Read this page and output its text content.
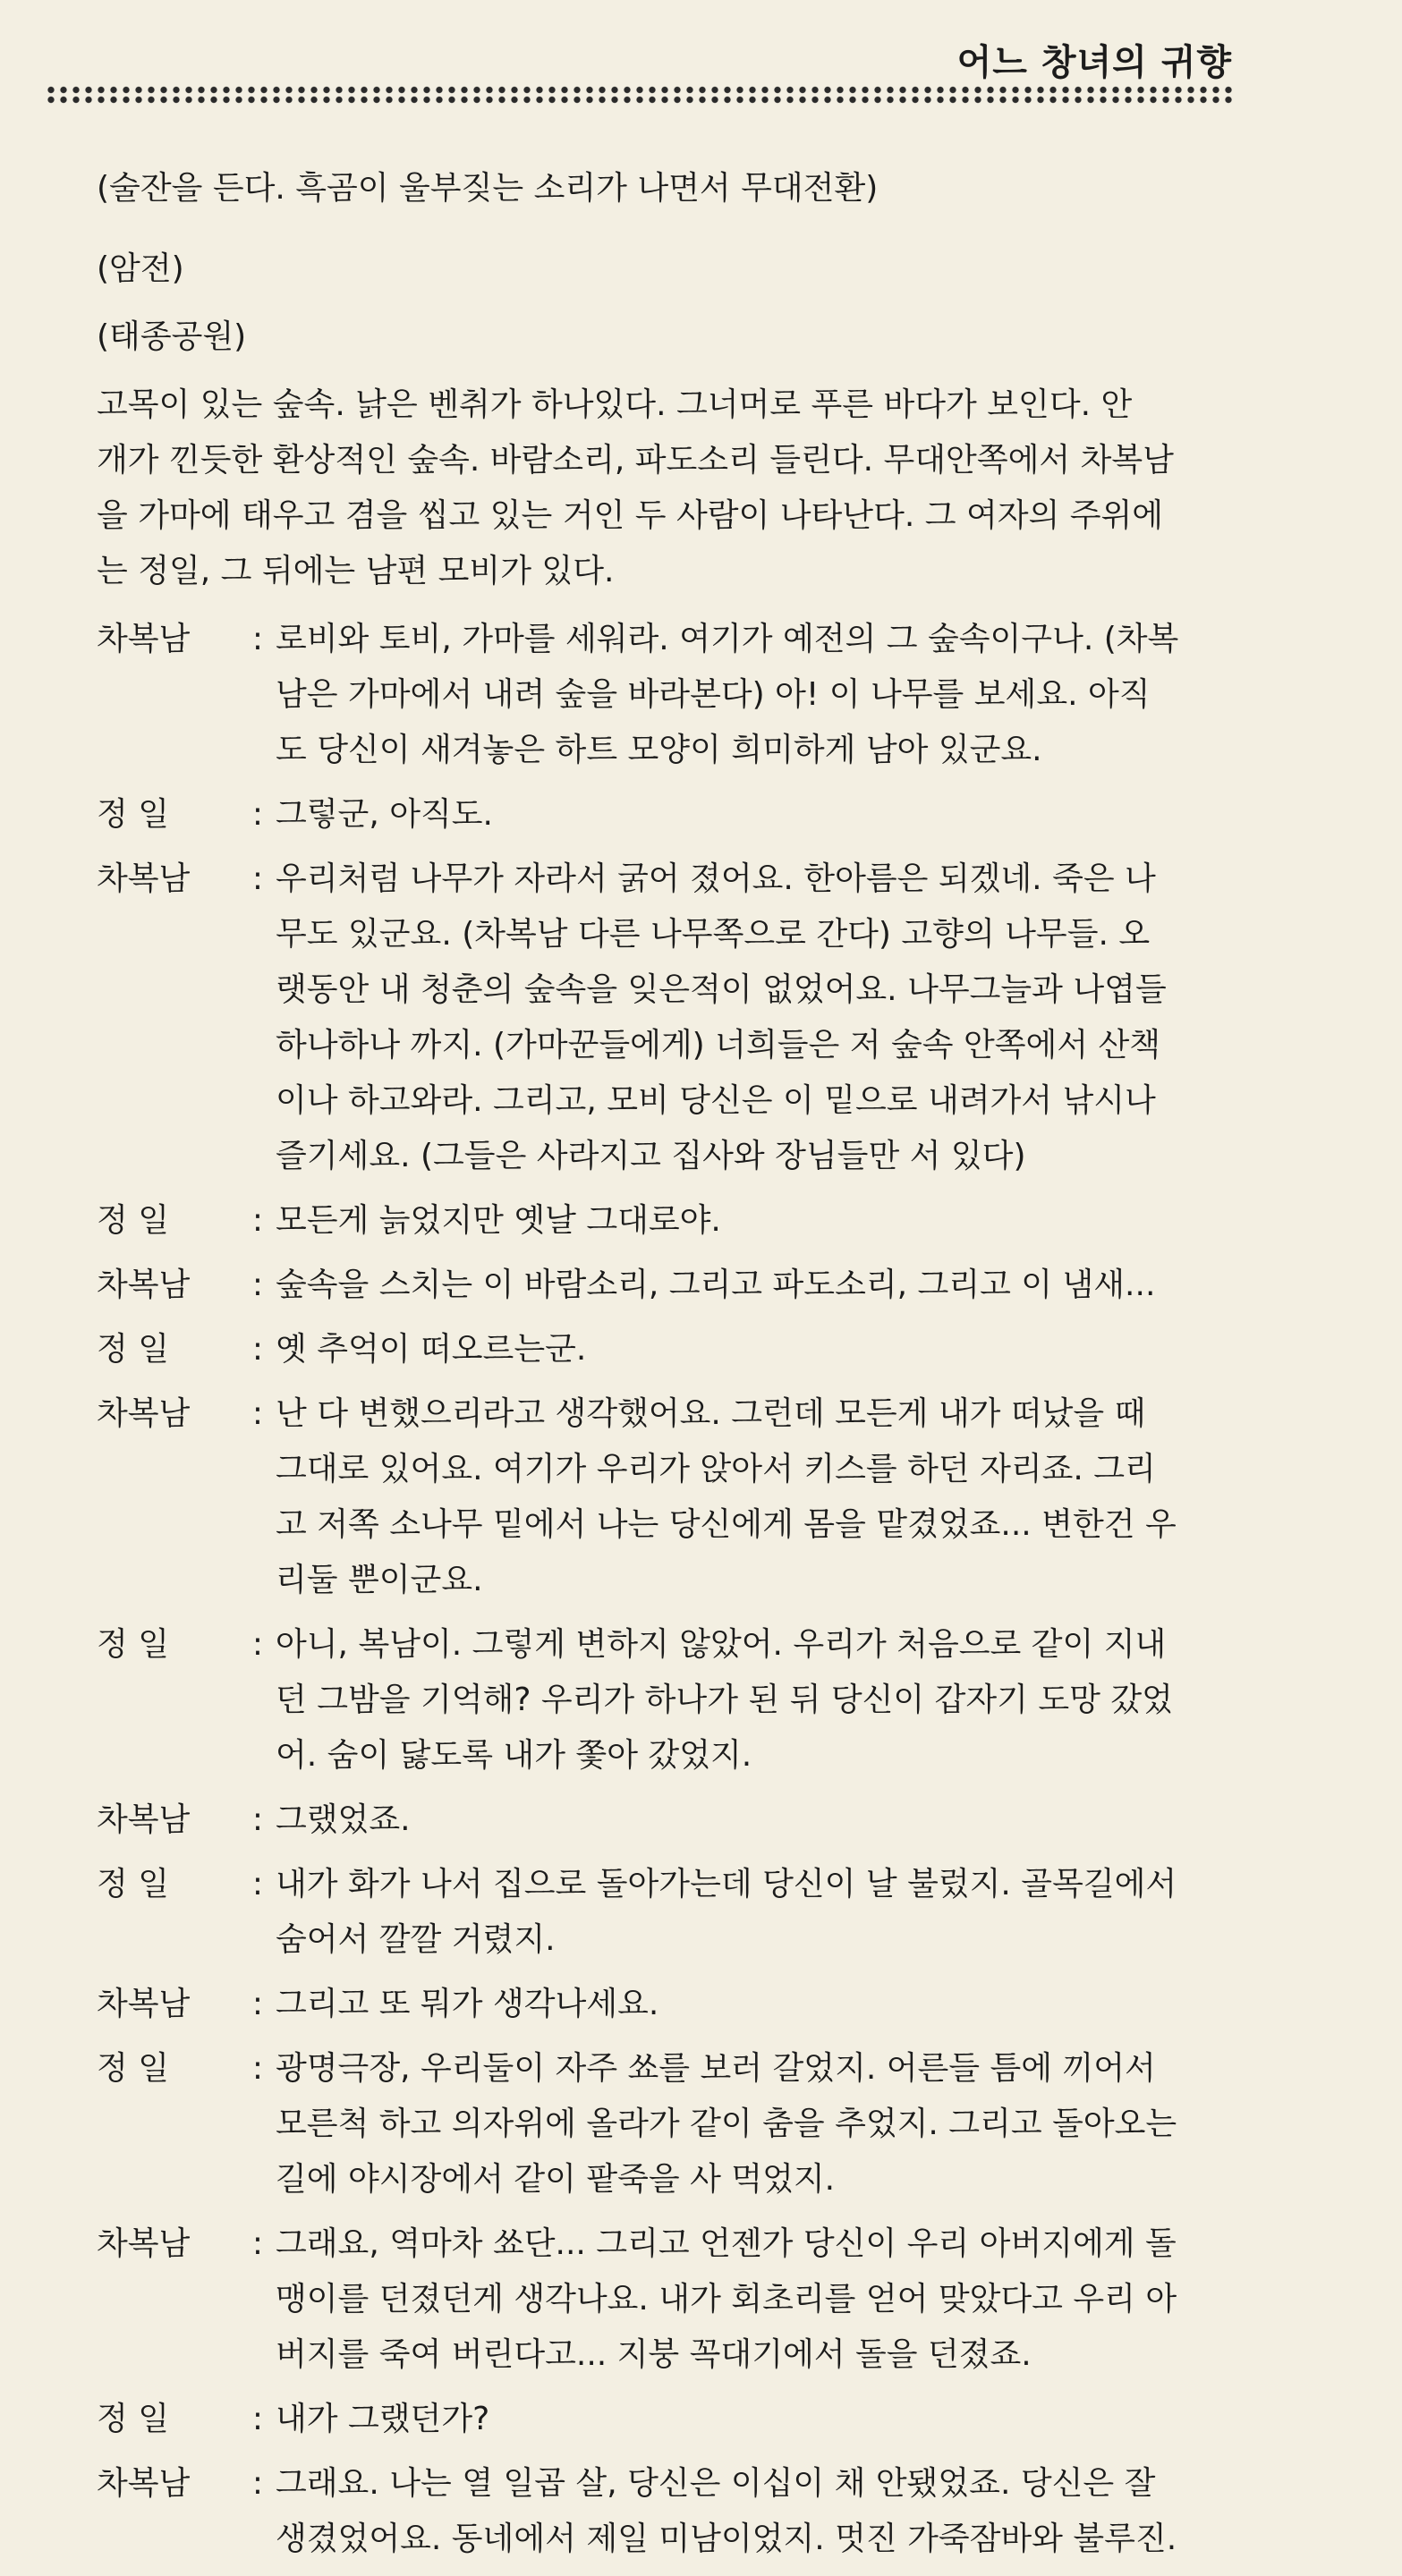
어느 창녀의 귀향

(술잔을 든다. 흑곰이 울부짖는 소리가 나면서 무대전환)

(암전)

(태종공원)

고목이 있는 숲속. 낡은 벤취가 하나있다. 그너머로 푸른 바다가 보인다. 안
개가 낀듯한 환상적인 숲속. 바람소리, 파도소리 들린다. 무대안쪽에서 차복남
을 가마에 태우고 겸을 씹고 있는 거인 두 사람이 나타난다. 그 여자의 주위에
는 정일, 그 뒤에는 남편 모비가 있다.
차복남	: 로비와 토비, 가마를 세워라. 여기가 예전의 그 숲속이구나. (차복
남은 가마에서 내려 숲을 바라본다) 아! 이 나무를 보세요. 아직
도 당신이 새겨놓은 하트 모양이 희미하게 남아 있군요.
정 일	: 그렇군, 아직도.
차복남	: 우리처럼 나무가 자라서 굵어 졌어요. 한아름은 되겠네. 죽은 나
무도 있군요. (차복남 다른 나무쪽으로 간다) 고향의 나무들. 오
랫동안 내 청춘의 숲속을 잊은적이 없었어요. 나무그늘과 나엽들
하나하나 까지. (가마꾼들에게) 너희들은 저 숲속 안쪽에서 산책
이나 하고와라. 그리고, 모비 당신은 이 밑으로 내려가서 낚시나
즐기세요. (그들은 사라지고 집사와 장님들만 서 있다)
정 일	: 모든게 늙었지만 옛날 그대로야.
차복남	: 숲속을 스치는 이 바람소리, 그리고 파도소리, 그리고 이 냄새...
정 일	: 옛 추억이 떠오르는군.
차복남	: 난 다 변했으리라고 생각했어요. 그런데 모든게 내가 떠났을 때
그대로 있어요. 여기가 우리가 앉아서 키스를 하던 자리죠. 그리
고 저쪽 소나무 밑에서 나는 당신에게 몸을 맡겼었죠... 변한건 우
리둘 뿐이군요.
정 일	: 아니, 복남이. 그렇게 변하지 않았어. 우리가 처음으로 같이 지내
던 그밤을 기억해? 우리가 하나가 된 뒤 당신이 갑자기 도망 갔었
어. 숨이 닳도록 내가 쫓아 갔었지.
차복남	: 그랬었죠.
정 일	: 내가 화가 나서 집으로 돌아가는데 당신이 날 불렀지. 골목길에서
숨어서 깔깔 거렸지.
차복남	: 그리고 또 뭐가 생각나세요.
정 일	: 광명극장, 우리둘이 자주 쑈를 보러 갈었지. 어른들 틈에 끼어서
모른척 하고 의자위에 올라가 같이 춤을 추었지. 그리고 돌아오는
길에 야시장에서 같이 팥죽을 사 먹었지.
차복남	: 그래요, 역마차 쑈단... 그리고 언젠가 당신이 우리 아버지에게 돌
맹이를 던졌던게 생각나요. 내가 회초리를 얻어 맞았다고 우리 아
버지를 죽여 버린다고... 지붕 꼭대기에서 돌을 던졌죠.
정 일	: 내가 그랬던가?
차복남	: 그래요. 나는 열 일곱 살, 당신은 이십이 채 안됐었죠. 당신은 잘
생겼었어요. 동네에서 제일 미남이었지. 멋진 가죽잠바와 불루진.
